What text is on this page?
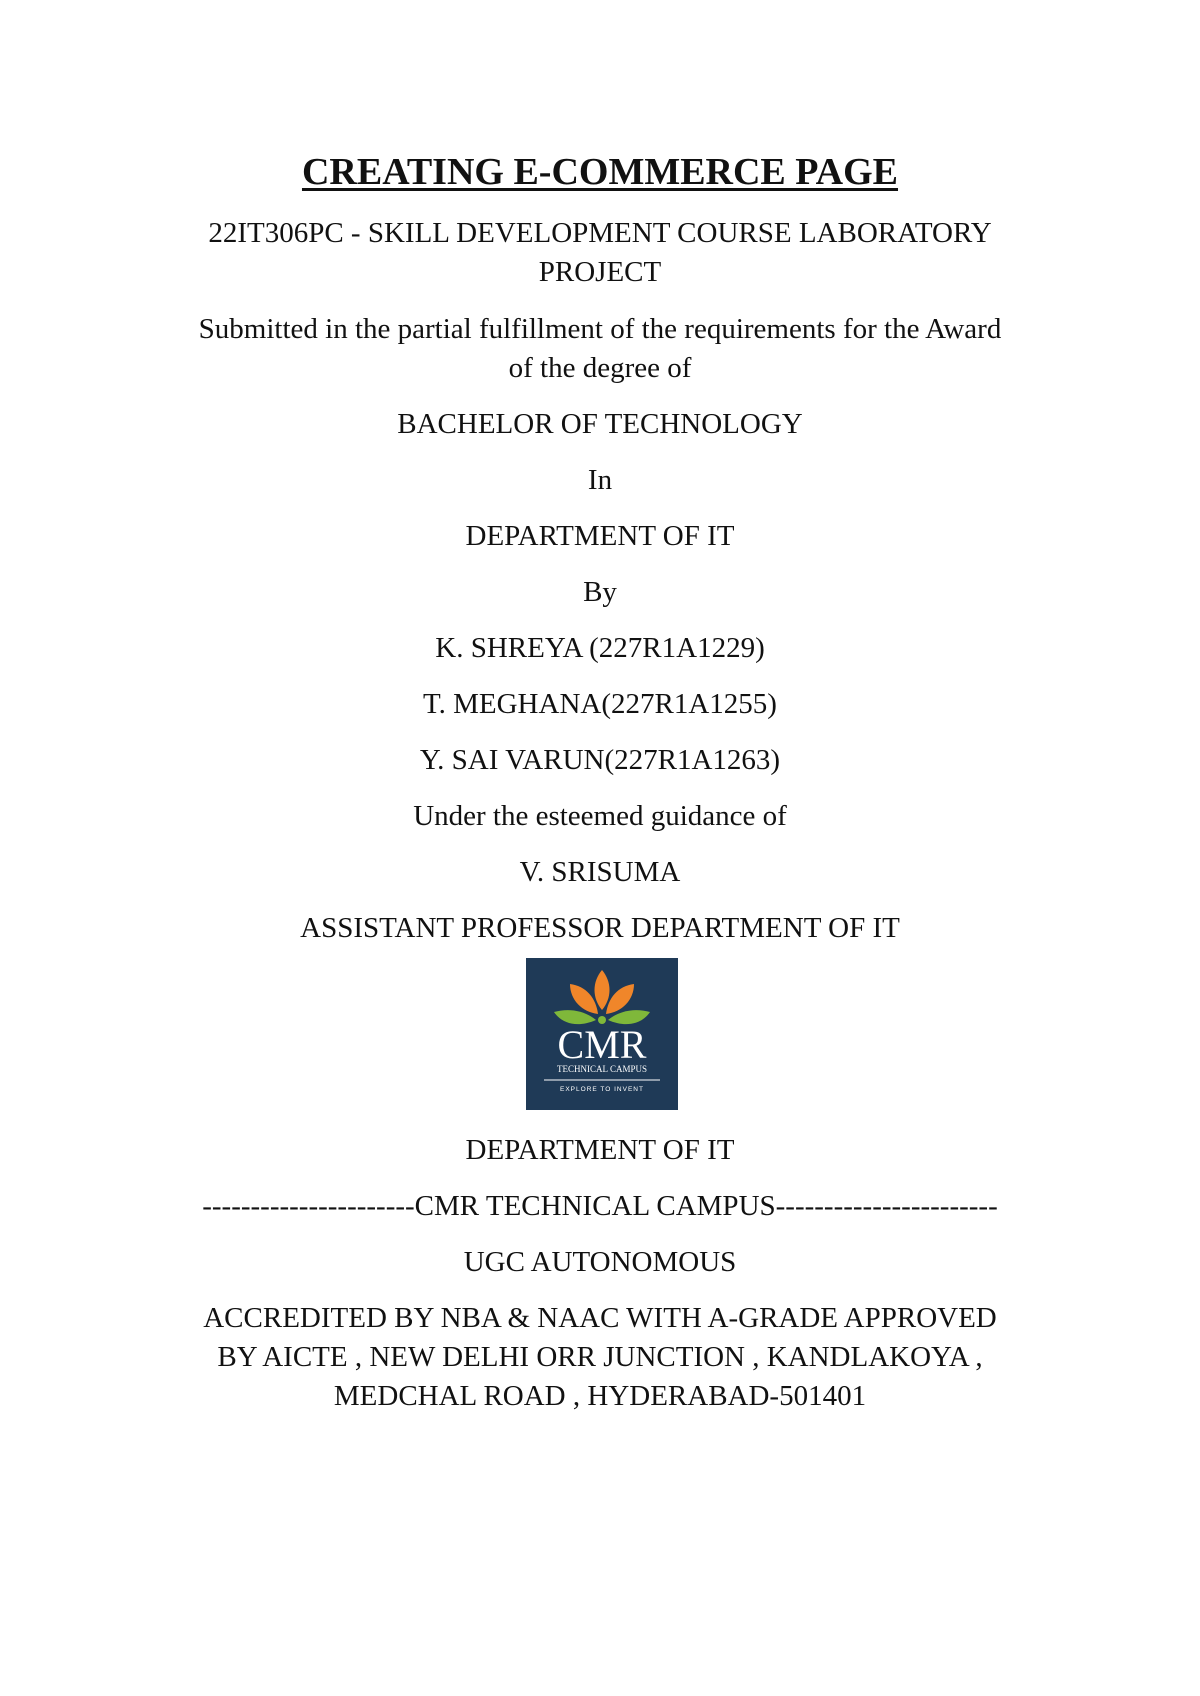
CREATING E-COMMERCE PAGE
22IT306PC - SKILL DEVELOPMENT COURSE LABORATORY
PROJECT
Submitted in the partial fulfillment of the requirements for the Award
of the degree of
BACHELOR OF TECHNOLOGY
In
DEPARTMENT OF IT
By
K. SHREYA (227R1A1229)
T. MEGHANA(227R1A1255)
Y. SAI VARUN(227R1A1263)
Under the esteemed guidance of
V. SRISUMA
ASSISTANT PROFESSOR DEPARTMENT OF IT
CMR
TECHNICAL CAMPUS
EXPLORE TO INVENT
DEPARTMENT OF IT
----------------------CMR TECHNICAL CAMPUS-----------------------
UGC AUTONOMOUS
ACCREDITED BY NBA & NAAC WITH A-GRADE APPROVED
BY AICTE , NEW DELHI ORR JUNCTION , KANDLAKOYA ,
MEDCHAL ROAD , HYDERABAD-501401
